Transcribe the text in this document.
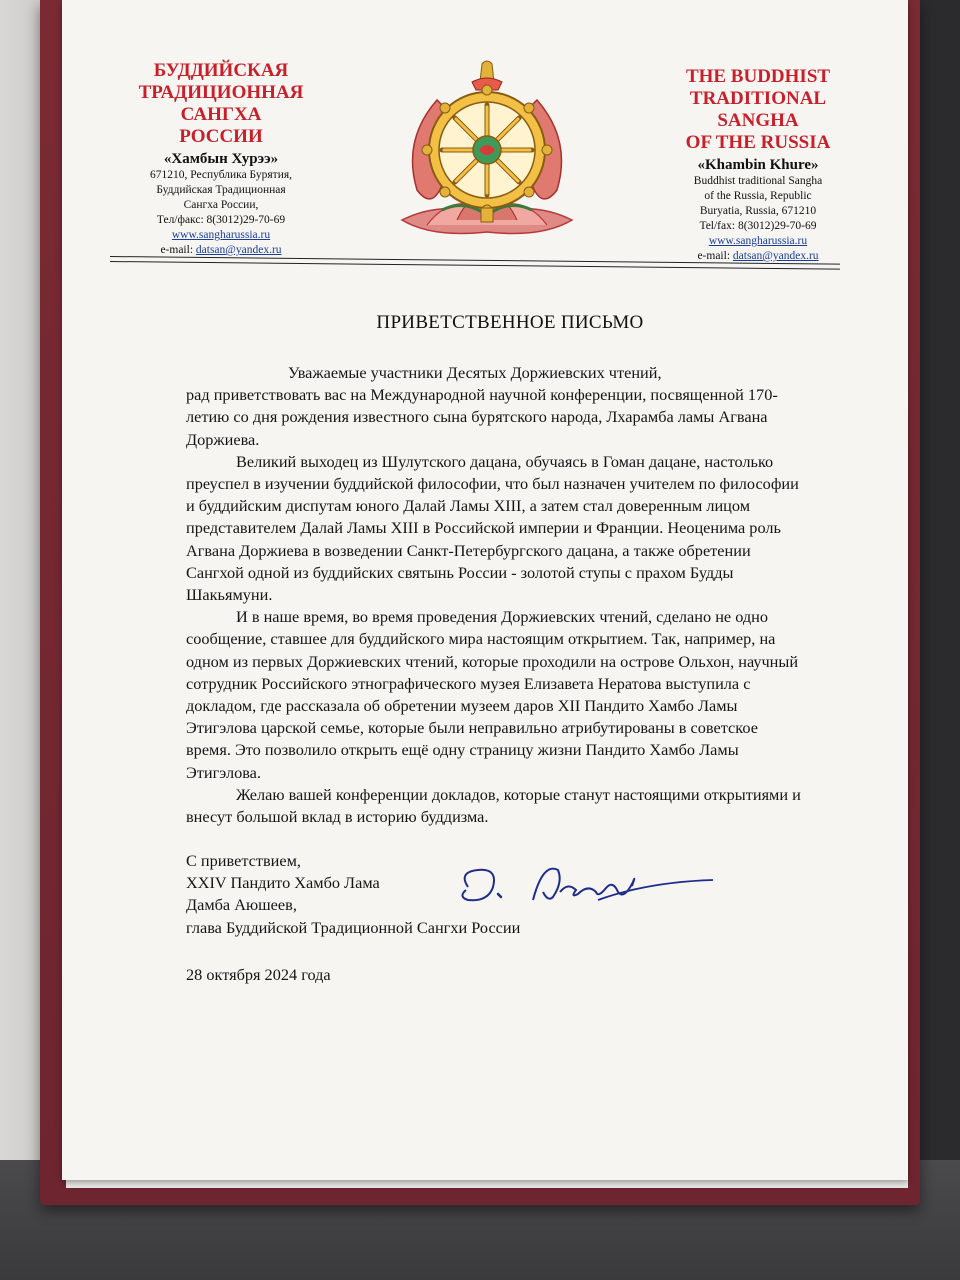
БУДДИЙСКАЯ
ТРАДИЦИОННАЯ
САНГХА
РОССИИ
«Хамбын Хурээ»
671210, Республика Бурятия,
Буддийская Традиционная
Сангха России,
Тел/факс: 8(3012)29-70-69
www.sangharussia.ru
e-mail: datsan@yandex.ru
THE BUDDHIST
TRADITIONAL
SANGHA
OF THE RUSSIA
«Khambin Khure»
Buddhist traditional Sangha
of the Russia, Republic
Buryatia, Russia, 671210
Tel/fax: 8(3012)29-70-69
www.sangharussia.ru
e-mail: datsan@yandex.ru
ПРИВЕТСТВЕННОЕ ПИСЬМО

Уважаемые участники Десятых Доржиевских чтений,

рад приветствовать вас на Международной научной конференции, посвященной 170-летию со дня рождения известного сына бурятского народа, Лхарамба ламы Агвана Доржиева.

Великий выходец из Шулутского дацана, обучаясь в Гоман дацане, настолько преуспел в изучении буддийской философии, что был назначен учителем по философии и буддийским диспутам юного Далай Ламы XIII, а затем стал доверенным лицом представителем Далай Ламы XIII в Российской империи и Франции. Неоценима роль Агвана Доржиева в возведении Санкт-Петербургского дацана, а также обретении Сангхой одной из буддийских святынь России - золотой ступы с прахом Будды Шакьямуни.

И в наше время, во время проведения Доржиевских чтений, сделано не одно сообщение, ставшее для буддийского мира настоящим открытием. Так, например, на одном из первых Доржиевских чтений, которые проходили на острове Ольхон, научный сотрудник Российского этнографического музея Елизавета Нератова выступила с докладом, где рассказала об обретении музеем даров XII Пандито Хамбо Ламы Этигэлова царской семье, которые были неправильно атрибутированы в советское время. Это позволило открыть ещё одну страницу жизни Пандито Хамбо Ламы Этигэлова.

Желаю вашей конференции докладов, которые станут настоящими открытиями и внесут большой вклад в историю буддизма.

С приветствием,
XXIV Пандито Хамбо Лама
Дамба Аюшеев,
глава Буддийской Традиционной Сангхи России
28 октября 2024 года
